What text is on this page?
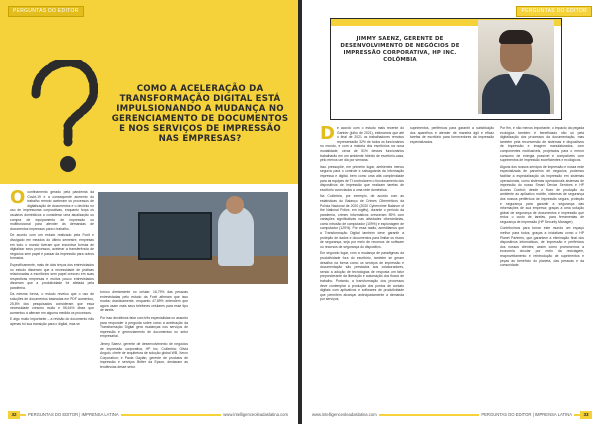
PERGUNTAS DO EDITOR
COMO A ACELERAÇÃO DA TRANSFORMAÇÃO DIGITAL ESTÁ IMPULSIONANDO A MUDANÇA NO GERENCIAMENTO DE DOCUMENTOS E NOS SERVIÇOS DE IMPRESSÃO NAS EMPRESAS?
O confinamento gerado pela pandemia da Covid-19 e a consequente aumento do trabalho remoto aceleram os processos de digitalização de documentos e o declínio no uso de impressoras corporativas, enquanto força os usuários domésticos a considerar uma atualização ou compra de equipamento de impressão ou multifuncional para atender às demandas de documentos impressos para o trabalho.

De acordo com um estudo realizado pela Foxit e divulgado em meados do último semestre, empresas em todo o mundo tiveram que encontrar formas de digitalizar seus processos, acelerar a transferência de negócios sem papel e passar da impressão para outros formatos.

Especificamente, mais de dois terços dos entrevistados no estudo disseram que a necessidade de práticas relacionadas a escritórios sem papel cresceu em suas respectivas empresas e muitos pouco entrevistados disseram que a produtividade foi afetada pela pandemia.

Da mesma forma, o estudo revelou que o uso de soluções de documentos baseadas em PDF aumentou, 25,8% dos pesquisados consideram que essa necessidade cresceu muito e 55,64% disse que aumentou a alteram em alguma medida os processos.

E algo muito importante – a revisão do documento não apenas foi sua transição para o digital, mas se

tornou diretamente no celular: 16,79% das pessoas entrevistadas pelo estudo da Foxit afirmam que isso mudou drasticamente, enquanto 47,89% entendem que agora usam mais seus telefones celulares para esse tipo de tarefa.

Por isso decidimos falar com três especialistas no assunto para responder à pergunta sobre como a aceleração da Transformação Digital gera mudanças nos serviços de impressão e gerenciamento de documentos no setor empresarial.

Jimmy Saenz, gerente de desenvolvimento de negócios de impressão corporativa, HP Inc. Colômbia; Olivia Angulo, chefe de arquitetura de solução global WB, Xerox Corporation; e Paula Gaytán, gerente de produtos de impressão e serviços Britter da Epson, destacam as tendências desse setor.

32	PERGUNTAS DO EDITOR | IMPRENSA LATINA	www.intelligenceoleadaslatina.com
PERGUNTAS DO EDITOR
JIMMY SAENZ, GERENTE DE DESENVOLVIMENTO DE NEGÓCIOS DE IMPRESSÃO CORPORATIVA, HP INC. COLÔMBIA
D e acordo com o estudo mais recente do Gartner (julho de 2021), estimamos que até o final de 2021 os trabalhadores remotos representarão 32% de todos os funcionários no mundo, e com a maioria dos escritórios na nova modalidade, cerca de 51% desses funcionários trabalharão em um ambiente híbrido de escritório-casa, pelo menos um dia por semana.

Isso pressupõe, em primeiro lugar, ambientes menos seguros para o controle e salvaguarda da informação impressa e digital, bem como uma alta complexidade para as equipes de TI controlarem o funcionamento dos dispositivos de impressão que realizam tarefas de escritório conectados a uma rede doméstica.

Na Colômbia, por exemplo, de acordo com as estatísticas do Balanço de Crimes Cibernéticos da Polícia Nacional de 2020 (2020 Cybercrime Balance of the National Police, em inglês), durante o período da pandemia, crimes informáticos cresceram 89% com variações significativas nas atividades ciberantárias, como intrusão de computador (109%) e espionagem de computador (125%). Por essa razão, acreditamos que a Transformação Digital também deve garantir a proteção de dados e documentos para limitar os riscos de segurança, seja por meio de recursos de software ou recursos de segurança do dispositivo.

Em segundo lugar, com a mudança de paradigmas da produtividade fora do escritório, também se geram desafios na forma como os serviços de impressão e documentação são prestados aos colaboradores, sendo a adoção de tecnologias de resposta um fator preponderante da liberação e automação dos fluxos de trabalho. Portanto, a transformação dos processos deve contemplar a produção dos pontos de contato digitais com aplicativos e softwares de produtividade que permitem alcançar antecipadamente a demanda por serviços,

suprimentos, periféricos para garantir a substituição dos aparelhos e atender de maneira ágil e eficaz tarefas de escritório para fornecedores da impressão especializados.
Por fim, e não menos importante, o impacto da pegada ecológica também é beneficiado não só pela digitalização dos processos da documentação, mas também pela reconversão de sistemas e dispositivos de impressão e imagem manufaturados, com componentes multiusíveis, projetados para o menor consumo de energia possível e compatíveis com suprimentos de impressão ecoeficientes e ecológicos.

Alguns dos nossos serviços de impressão e nossa rede especializada de parceiros de negócios, podemos facilitar a especialização da impressão em sistemas operacionais, como sistemas operacionais sistemas de impressão do nosso Smart Device Services e HP Access Control; desde o fluxo de produção do ambiente ao aplicativo mobile, sistemas de segurança dos nossos periféricos de impressão segura, proteção e segurança para garantir a segurança das informações de sua empresa; graças a uma solução global de segurança de documentos e impressão que reduz o custo de tarefas, para ferramentas de segurança de impressão (HP Security Manager).

Contribuímos para tornar este mundo um espaço melhor para todos, graças a iniciativas como o HP Planet Partners, que garantem a eliminação final dos dispositivos informáticos, de impressão e periféricos dos nossos clientes; assim como promovemos a economia circular por meio da reciclagem, reaproveitamento e reintrodução de suprimentos e peças ao benefício do planeta, das pessoas e da comunidade.

www.intelligenceoleadaslatina.com	PERGUNTAS DO EDITOR | IMPRENSA LATINA	33
